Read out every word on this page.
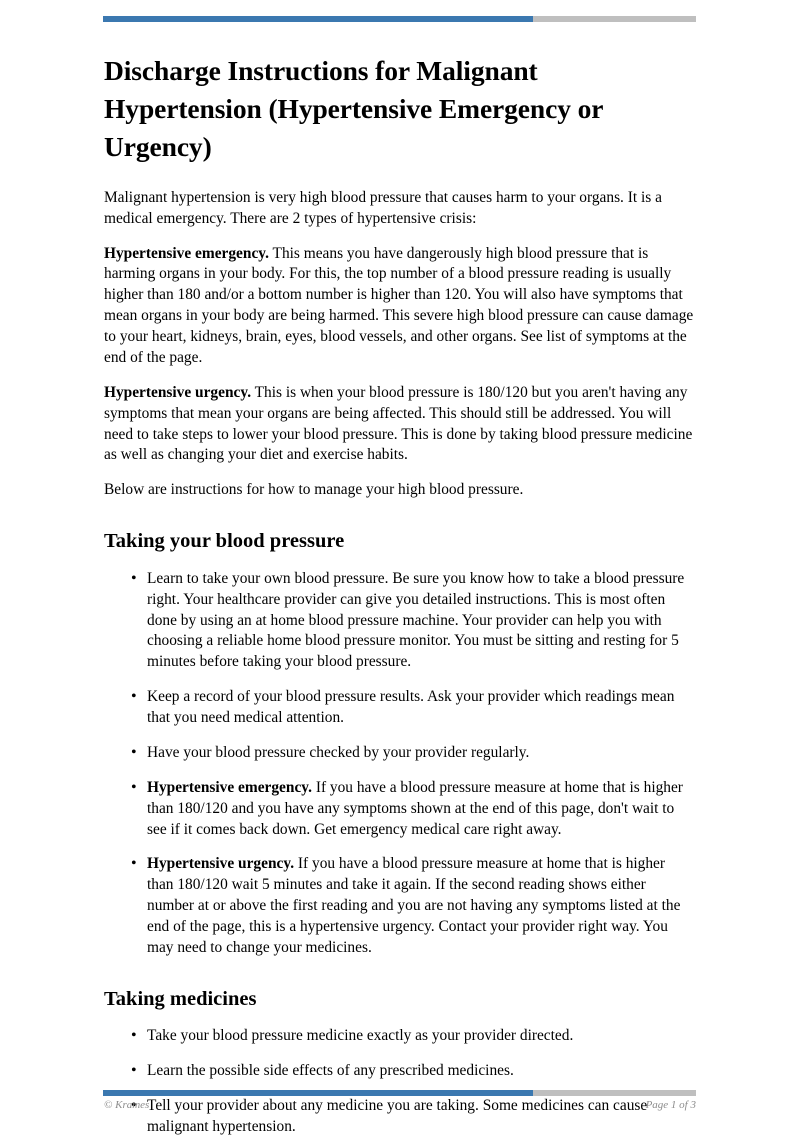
Discharge Instructions for Malignant Hypertension (Hypertensive Emergency or Urgency)

Malignant hypertension is very high blood pressure that causes harm to your organs. It is a medical emergency. There are 2 types of hypertensive crisis:

Hypertensive emergency. This means you have dangerously high blood pressure that is harming organs in your body. For this, the top number of a blood pressure reading is usually higher than 180 and/or a bottom number is higher than 120. You will also have symptoms that mean organs in your body are being harmed. This severe high blood pressure can cause damage to your heart, kidneys, brain, eyes, blood vessels, and other organs. See list of symptoms at the end of the page.

Hypertensive urgency. This is when your blood pressure is 180/120 but you aren't having any symptoms that mean your organs are being affected. This should still be addressed. You will need to take steps to lower your blood pressure. This is done by taking blood pressure medicine as well as changing your diet and exercise habits.

Below are instructions for how to manage your high blood pressure.

Taking your blood pressure
• Learn to take your own blood pressure. Be sure you know how to take a blood pressure right. Your healthcare provider can give you detailed instructions. This is most often done by using an at home blood pressure machine. Your provider can help you with choosing a reliable home blood pressure monitor. You must be sitting and resting for 5 minutes before taking your blood pressure.
• Keep a record of your blood pressure results. Ask your provider which readings mean that you need medical attention.
• Have your blood pressure checked by your provider regularly.
• Hypertensive emergency. If you have a blood pressure measure at home that is higher than 180/120 and you have any symptoms shown at the end of this page, don't wait to see if it comes back down. Get emergency medical care right away.
• Hypertensive urgency. If you have a blood pressure measure at home that is higher than 180/120 wait 5 minutes and take it again. If the second reading shows either number at or above the first reading and you are not having any symptoms listed at the end of the page, this is a hypertensive urgency. Contact your provider right way. You may need to change your medicines.
Taking medicines
• Take your blood pressure medicine exactly as your provider directed.
• Learn the possible side effects of any prescribed medicines.
• Tell your provider about any medicine you are taking. Some medicines can cause malignant hypertension.
© Krames	Page 1 of 3
